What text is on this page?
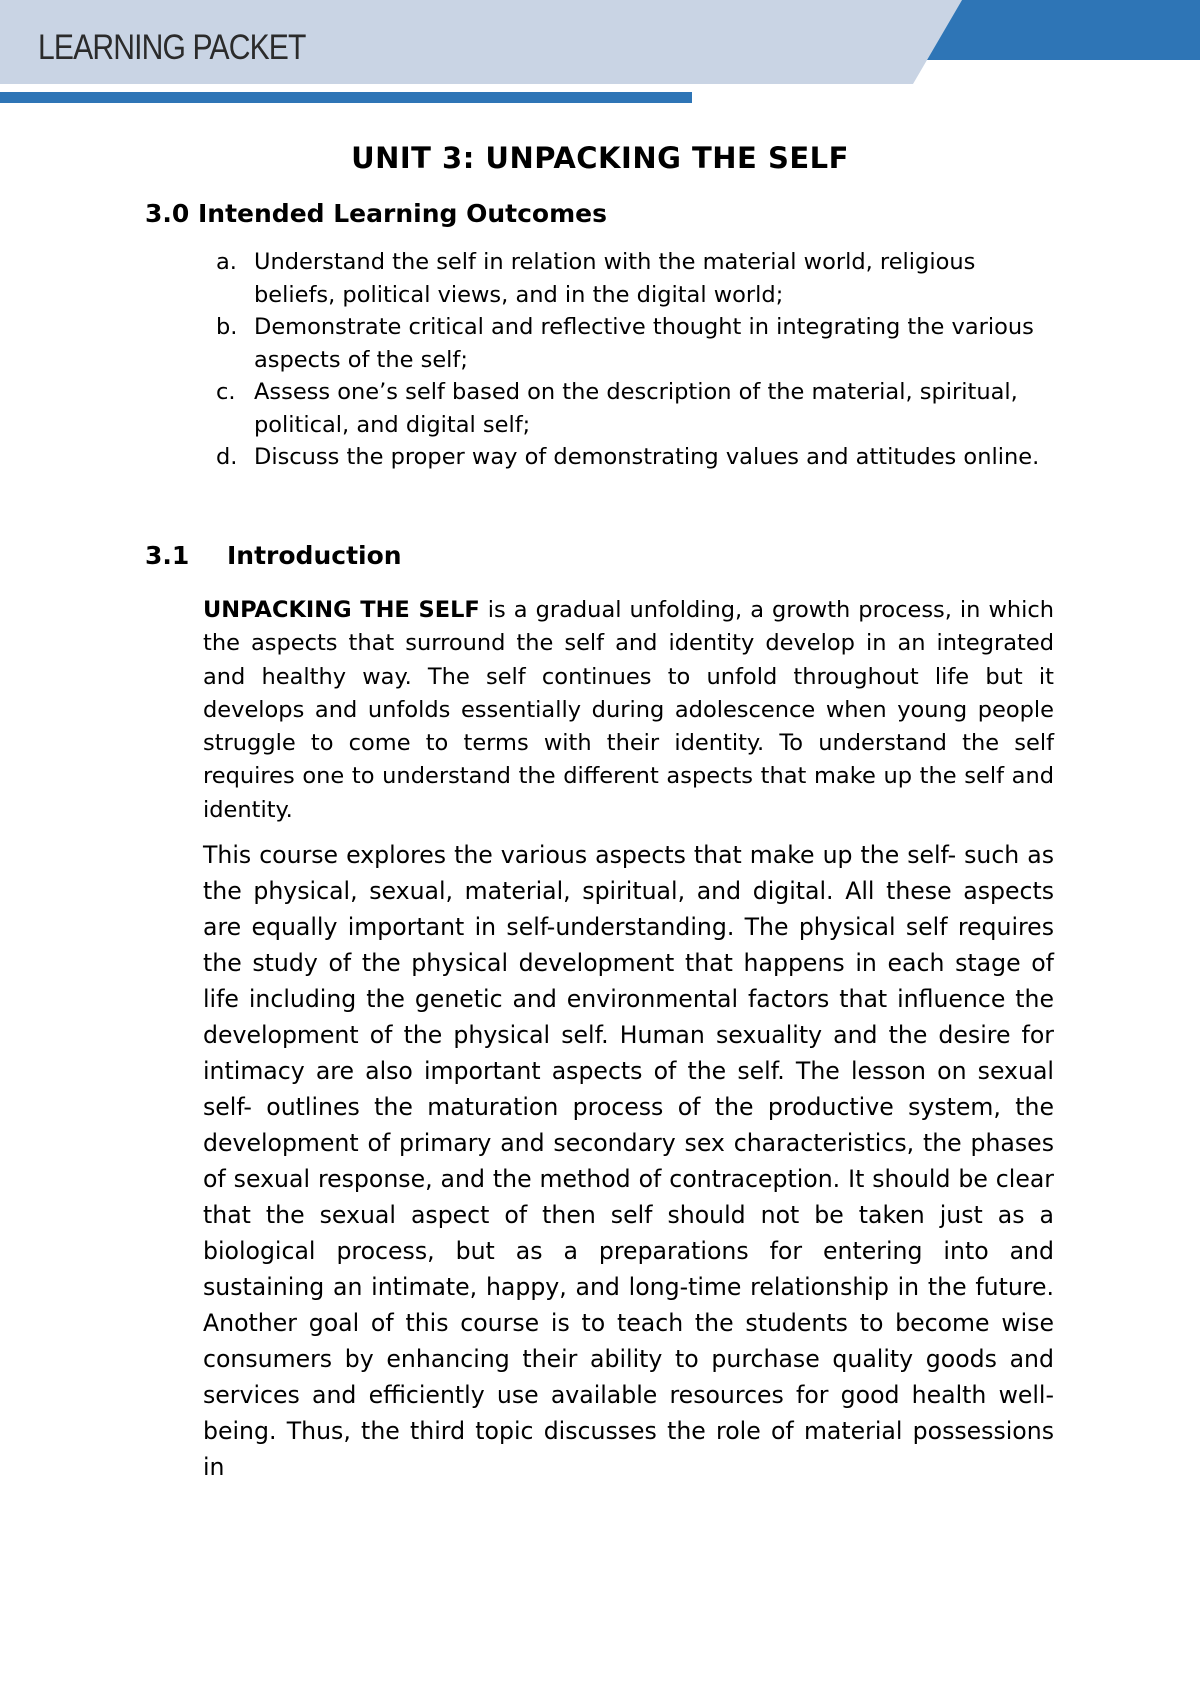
LEARNING PACKET
UNIT 3: UNPACKING THE SELF
3.0 Intended Learning Outcomes
a. Understand the self in relation with the material world, religious beliefs, political views, and in the digital world;
b. Demonstrate critical and reflective thought in integrating the various aspects of the self;
c. Assess one’s self based on the description of the material, spiritual, political, and digital self;
d. Discuss the proper way of demonstrating values and attitudes online.
3.1 Introduction

UNPACKING THE SELF is a gradual unfolding, a growth process, in which the aspects that surround the self and identity develop in an integrated and healthy way. The self continues to unfold throughout life but it develops and unfolds essentially during adolescence when young people struggle to come to terms with their identity. To understand the self requires one to understand the different aspects that make up the self and identity.

This course explores the various aspects that make up the self- such as the physical, sexual, material, spiritual, and digital. All these aspects are equally important in self-understanding. The physical self requires the study of the physical development that happens in each stage of life including the genetic and environmental factors that influence the development of the physical self. Human sexuality and the desire for intimacy are also important aspects of the self. The lesson on sexual self- outlines the maturation process of the productive system, the development of primary and secondary sex characteristics, the phases of sexual response, and the method of contraception. It should be clear that the sexual aspect of then self should not be taken just as a biological process, but as a preparations for entering into and sustaining an intimate, happy, and long-time relationship in the future. Another goal of this course is to teach the students to become wise consumers by enhancing their ability to purchase quality goods and services and efficiently use available resources for good health well-being. Thus, the third topic discusses the role of material possessions in
